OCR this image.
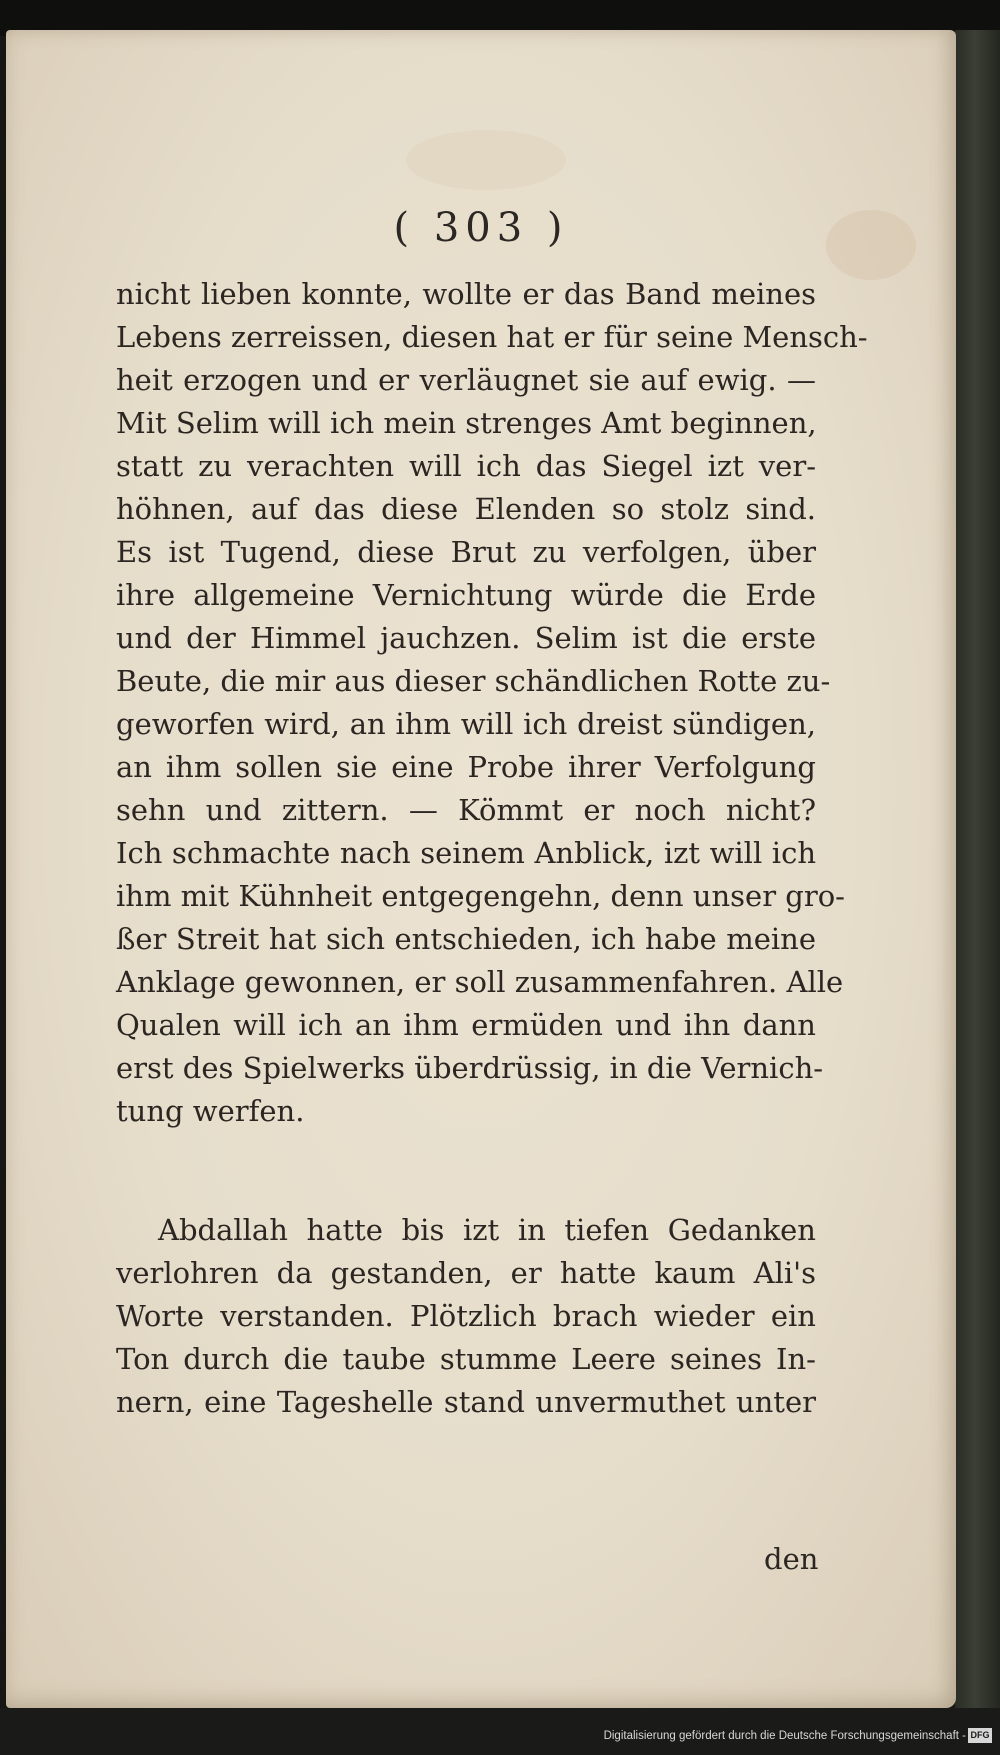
( 303 )
nicht lieben konnte, wollte er das Band meines
Lebens zerreissen, diesen hat er für seine Mensch-
heit erzogen und er verläugnet sie auf ewig. —
Mit Selim will ich mein strenges Amt beginnen,
statt zu verachten will ich das Siegel izt ver-
höhnen, auf das diese Elenden so stolz sind.
Es ist Tugend, diese Brut zu verfolgen, über
ihre allgemeine Vernichtung würde die Erde
und der Himmel jauchzen. Selim ist die erste
Beute, die mir aus dieser schändlichen Rotte zu-
geworfen wird, an ihm will ich dreist sündigen,
an ihm sollen sie eine Probe ihrer Verfolgung
sehn und zittern. — Kömmt er noch nicht?
Ich schmachte nach seinem Anblick, izt will ich
ihm mit Kühnheit entgegengehn, denn unser gro-
ßer Streit hat sich entschieden, ich habe meine
Anklage gewonnen, er soll zusammenfahren. Alle
Qualen will ich an ihm ermüden und ihn dann
erst des Spielwerks überdrüssig, in die Vernich-
tung werfen.
Abdallah hatte bis izt in tiefen Gedanken
verlohren da gestanden, er hatte kaum Ali's
Worte verstanden. Plötzlich brach wieder ein
Ton durch die taube stumme Leere seines In-
nern, eine Tageshelle stand unvermuthet unter
den
Digitalisierung gefördert durch die Deutsche Forschungsgemeinschaft - DFG
